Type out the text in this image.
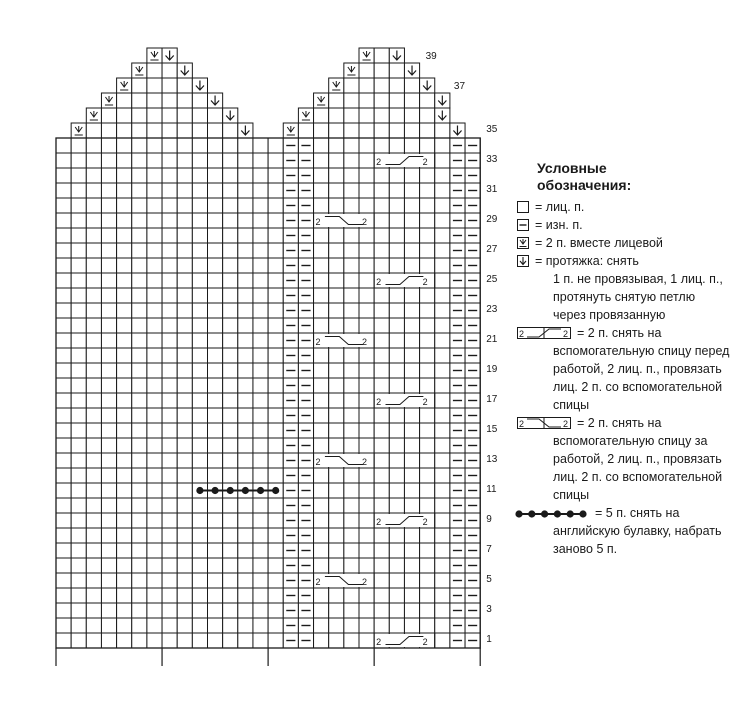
2	2
2	2
2	2
2	2
2	2
2	2
2	2
2	2
2	2
1
3
5
7
9
11
13
15
17
19
21
23
25
27
29
31
33
35
37
39
Условные
обозначения:
= лиц. п.
= изн. п.
= 2 п. вместе лицевой
= протяжка: снять
1 п. не провязывая, 1 лиц. п., протянуть снятую петлю через провязанную
2	2 = 2 п. снять на
вспомогательную спицу перед работой, 2 лиц. п., провязать лиц. 2 п. со вспомогательной спицы
2	2 = 2 п. снять на
вспомогательную спицу за работой, 2 лиц. п., провязать лиц. 2 п. со вспомогательной спицы
= 5 п. снять на
английскую булавку, набрать заново 5 п.
